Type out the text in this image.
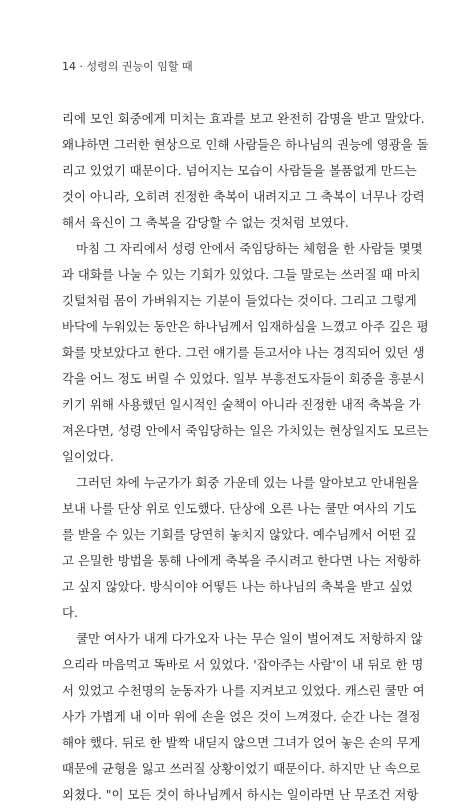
14 · 성령의 권능이 임할 때
리에 모인 회중에게 미치는 효과를 보고 완전히 감명을 받고 말았다.
왜냐하면 그러한 현상으로 인해 사람들은 하나님의 권능에 영광을 돌
리고 있었기 때문이다. 넘어지는 모습이 사람들을 볼품없게 만드는
것이 아니라, 오히려 진정한 축복이 내려지고 그 축복이 너무나 강력
해서 육신이 그 축복을 감당할 수 없는 것처럼 보였다.
마침 그 자리에서 성령 안에서 죽임당하는 체험을 한 사람들 몇몇
과 대화를 나눌 수 있는 기회가 있었다. 그들 말로는 쓰러질 때 마치
깃털처럼 몸이 가벼워지는 기분이 들었다는 것이다. 그리고 그렇게
바닥에 누워있는 동안은 하나님께서 임재하심을 느꼈고 아주 깊은 평
화를 맛보았다고 한다. 그런 얘기를 듣고서야 나는 경직되어 있던 생
각을 어느 정도 버릴 수 있었다. 일부 부흥전도자들이 회중을 흥분시
키기 위해 사용했던 일시적인 술책이 아니라 진정한 내적 축복을 가
져온다면, 성령 안에서 죽임당하는 일은 가치있는 현상일지도 모르는
일이었다.
그러던 차에 누군가가 회중 가운데 있는 나를 알아보고 안내원을
보내 나를 단상 위로 인도했다. 단상에 오른 나는 쿨만 여사의 기도
를 받을 수 있는 기회를 당연히 놓치지 않았다. 예수님께서 어떤 깊
고 은밀한 방법을 통해 나에게 축복을 주시려고 한다면 나는 저항하
고 싶지 않았다. 방식이야 어떻든 나는 하나님의 축복을 받고 싶었
다.
쿨만 여사가 내게 다가오자 나는 무슨 일이 벌어져도 저항하지 않
으리라 마음먹고 똑바로 서 있었다. '잡아주는 사람'이 내 뒤로 한 명
서 있었고 수천명의 눈동자가 나를 지켜보고 있었다. 캐스린 쿨만 여
사가 가볍게 내 이마 위에 손을 얹은 것이 느껴졌다. 순간 나는 결정
해야 했다. 뒤로 한 발짝 내딛지 않으면 그녀가 얹어 놓은 손의 무게
때문에 균형을 잃고 쓰러질 상황이었기 때문이다. 하지만 난 속으로
외쳤다. "이 모든 것이 하나님께서 하시는 일이라면 난 무조건 저항
